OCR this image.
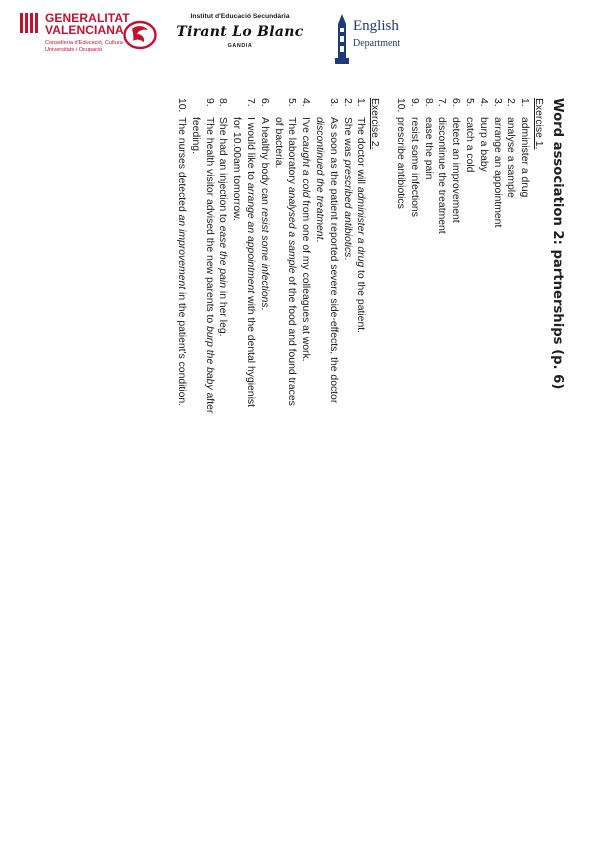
GENERALITAT
VALENCIANA
Conselleria d'Educació, Cultura
Universitats i Ocupació
Institut d'Educació Secundària
Tirant Lo Blanc
GANDIA
English
Department
Word association 2: partnerships (p. 6)
Exercise 1.
1.
administer a drug
2.
analyse a sample
3.
arrange an appointment
4.
burp a baby
5.
catch a cold
6.
detect an improvement
7.
discontinue the treatment
8.
ease the pain
9.
resist some infections
10.
prescribe antibiotics
Exercise 2.
1.
The doctor will administer a drug to the patient.
2.
She was prescribed antibiotics.
3.
As soon as the patient reported severe side-effects, the doctor discontinued the treatment.
4.
I've caught a cold from one of my colleagues at work.
5.
The laboratory analysed a sample of the food and found traces of bacteria.
6.
A healthy body can resist some infections.
7.
I would like to arrange an appointment with the dental hygienist for 10.00am tomorrow.
8.
She had an injection to ease the pain in her leg.
9.
The health visitor advised the new parents to burp the baby after feeding.
10.
The nurses detected an improvement in the patient's condition.
